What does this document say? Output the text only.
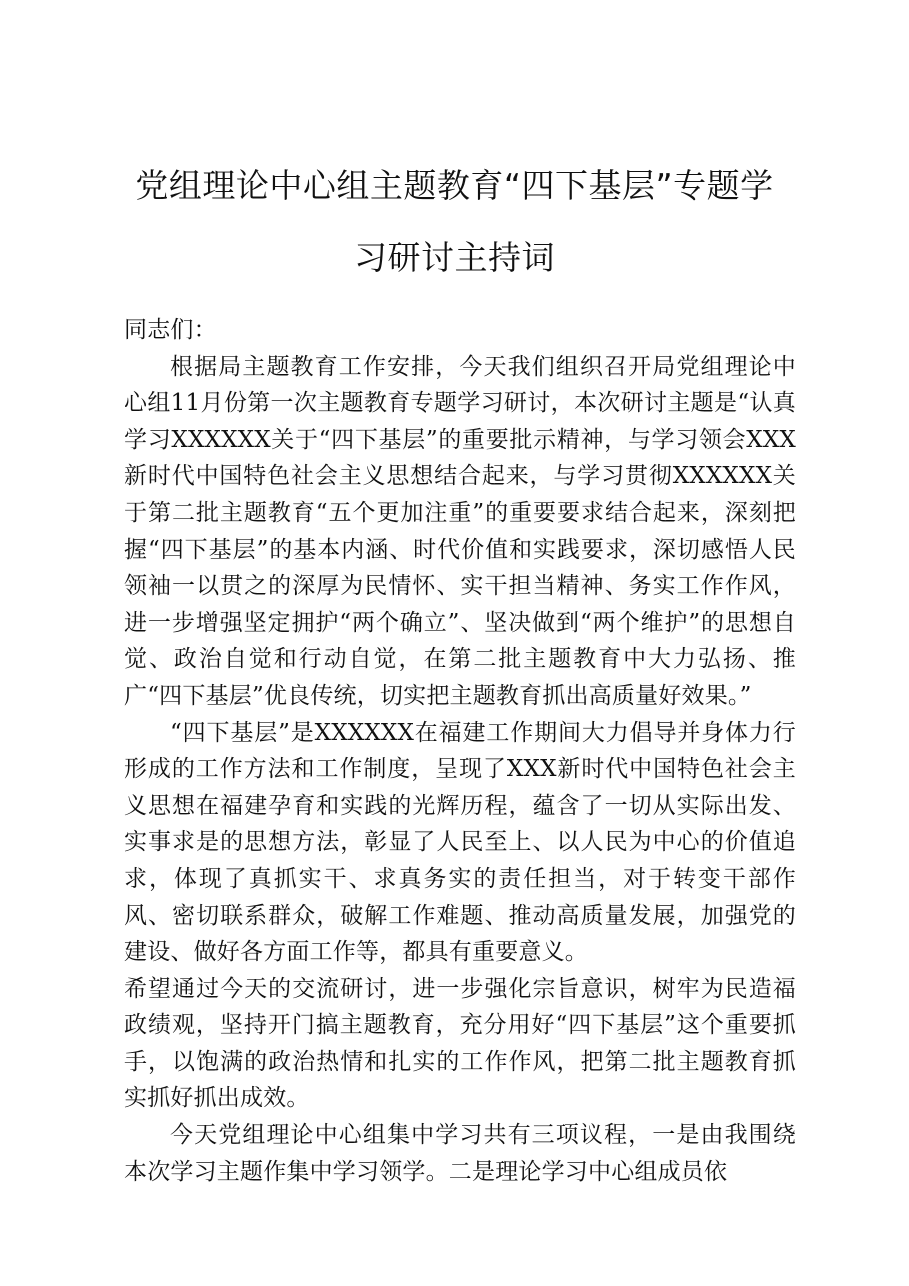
党组理论中心组主题教育“四下基层”专题学
习研讨主持词

同志们：

根据局主题教育工作安排，今天我们组织召开局党组理论中心组11月份第一次主题教育专题学习研讨，本次研讨主题是“认真学习XXXXXX关于“四下基层”的重要批示精神，与学习领会XXX新时代中国特色社会主义思想结合起来，与学习贯彻XXXXXX关于第二批主题教育“五个更加注重”的重要要求结合起来，深刻把握“四下基层”的基本内涵、时代价值和实践要求，深切感悟人民领袖一以贯之的深厚为民情怀、实干担当精神、务实工作作风，进一步增强坚定拥护“两个确立”、坚决做到“两个维护”的思想自觉、政治自觉和行动自觉，在第二批主题教育中大力弘扬、推广“四下基层”优良传统，切实把主题教育抓出高质量好效果。”

“四下基层”是XXXXXX在福建工作期间大力倡导并身体力行形成的工作方法和工作制度，呈现了XXX新时代中国特色社会主义思想在福建孕育和实践的光辉历程，蕴含了一切从实际出发、实事求是的思想方法，彰显了人民至上、以人民为中心的价值追求，体现了真抓实干、求真务实的责任担当，对于转变干部作风、密切联系群众，破解工作难题、推动高质量发展，加强党的建设、做好各方面工作等，都具有重要意义。

希望通过今天的交流研讨，进一步强化宗旨意识，树牢为民造福政绩观，坚持开门搞主题教育，充分用好“四下基层”这个重要抓手，以饱满的政治热情和扎实的工作作风，把第二批主题教育抓实抓好抓出成效。

今天党组理论中心组集中学习共有三项议程，一是由我围绕本次学习主题作集中学习领学。二是理论学习中心组成员依
